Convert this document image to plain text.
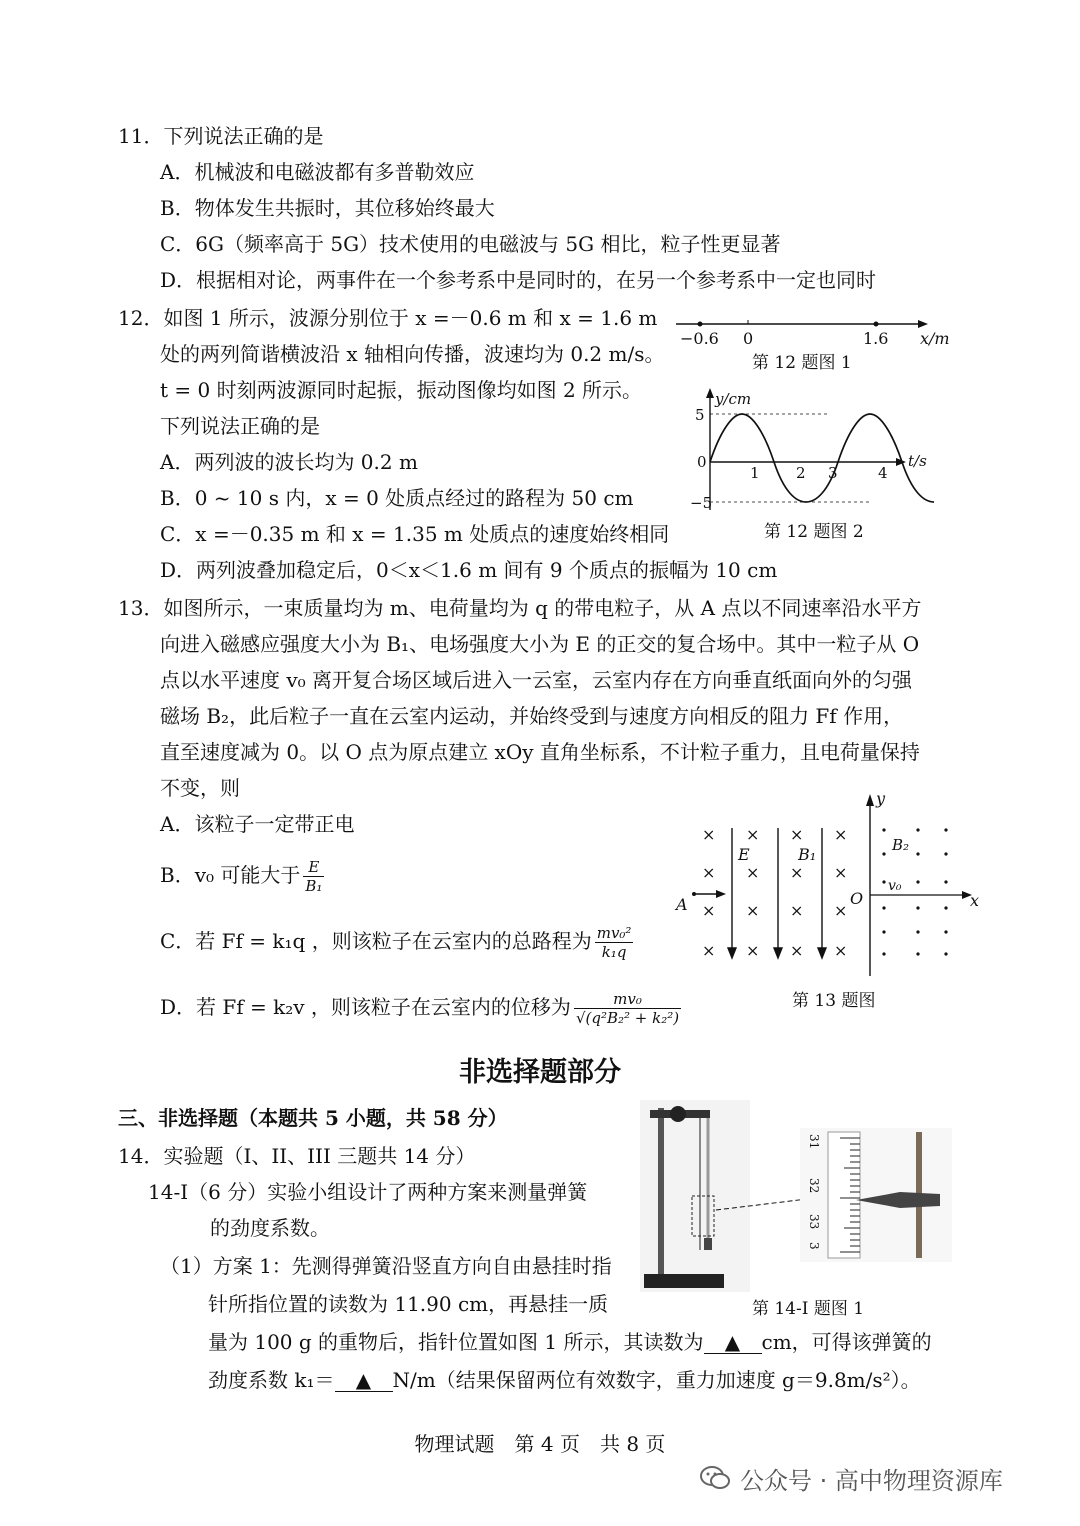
11．下列说法正确的是
A．机械波和电磁波都有多普勒效应
B．物体发生共振时，其位移始终最大
C．6G（频率高于 5G）技术使用的电磁波与 5G 相比，粒子性更显著
D．根据相对论，两事件在一个参考系中是同时的，在另一个参考系中一定也同时
12．如图 1 所示，波源分别位于 x =－0.6 m 和 x = 1.6 m
处的两列简谐横波沿 x 轴相向传播，波速均为 0.2 m/s。
t = 0 时刻两波源同时起振，振动图像均如图 2 所示。
下列说法正确的是
A．两列波的波长均为 0.2 m
B．0 ~ 10 s 内，x = 0 处质点经过的路程为 50 cm
C．x =－0.35 m 和 x = 1.35 m 处质点的速度始终相同
D．两列波叠加稳定后，0＜x＜1.6 m 间有 9 个质点的振幅为 10 cm
−0.6 0	1.6 x/m
第 12 题图 1
y/cm
5
0
−5
1 2 3	4
t/s
第 12 题图 2
13．如图所示，一束质量均为 m、电荷量均为 q 的带电粒子，从 A 点以不同速率沿水平方
向进入磁感应强度大小为 B₁、电场强度大小为 E 的正交的复合场中。其中一粒子从 O
点以水平速度 v₀ 离开复合场区域后进入一云室，云室内存在方向垂直纸面向外的匀强
磁场 B₂，此后粒子一直在云室内运动，并始终受到与速度方向相反的阻力 Ff 作用，
直至速度减为 0。以 O 点为原点建立 xOy 直角坐标系，不计粒子重力，且电荷量保持
不变，则
A．该粒子一定带正电
B．v₀ 可能大于 $\frac{E}{\text{B₁}}$
C．若 Ff = k₁q ，则该粒子在云室内的总路程为 $\frac{\text{mv₀²}}{\text{k₁q}}$
D．若 Ff = k₂v ，则该粒子在云室内的位移为 $\frac{\text{mv₀}}{\text{√(q²B₂² + k₂²)}}$
× × × ×
× × × ×
× × × ×
× × × ×
A
E	B₁	B₂
O
v₀
y
x
第 13 题图
非选择题部分
三、非选择题（本题共 5 小题，共 58 分）
14．实验题（I、II、III 三题共 14 分）
14-I（6 分）实验小组设计了两种方案来测量弹簧
的劲度系数。
（1）方案 1：先测得弹簧沿竖直方向自由悬挂时指
针所指位置的读数为 11.90 cm，再悬挂一质
量为 100 g 的重物后，指针位置如图 1 所示，其读数为 ▲ cm，可得该弹簧的
劲度系数 k₁＝ ▲ N/m（结果保留两位有效数字，重力加速度 g＝9.8m/s²）。
31
32
33
3
第 14-I 题图 1
物理试题　第 4 页　共 8 页
公众号 · 高中物理资源库
